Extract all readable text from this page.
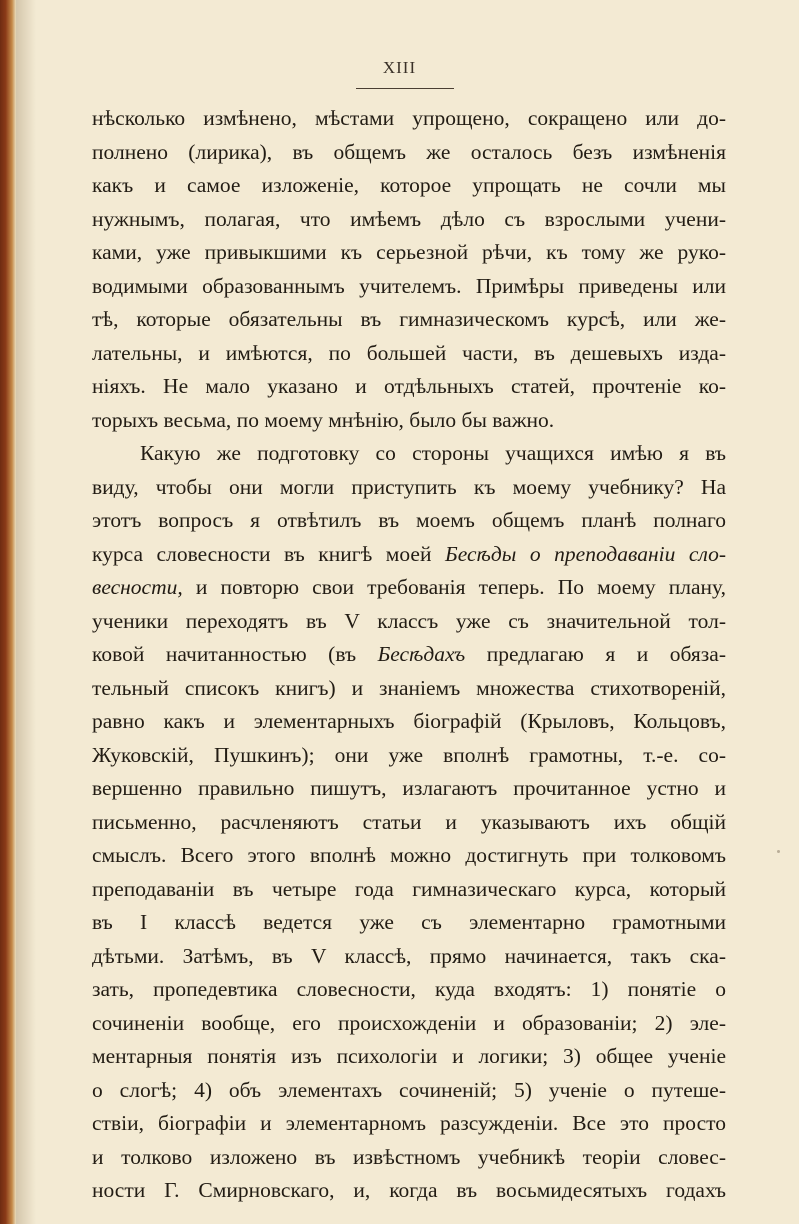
XIII
нѣсколько измѣнено, мѣстами упрощено, сокращено или до-
полнено (лирика), въ общемъ же осталось безъ измѣненія
какъ и самое изложеніе, которое упрощать не сочли мы
нужнымъ, полагая, что имѣемъ дѣло съ взрослыми учени-
ками, уже привыкшими къ серьезной рѣчи, къ тому же руко-
водимыми образованнымъ учителемъ. Примѣры приведены или
тѣ, которые обязательны въ гимназическомъ курсѣ, или же-
лательны, и имѣются, по большей части, въ дешевыхъ изда-
ніяхъ. Не мало указано и отдѣльныхъ статей, прочтеніе ко-
торыхъ весьма, по моему мнѣнію, было бы важно.
Какую же подготовку со стороны учащихся имѣю я въ
виду, чтобы они могли приступить къ моему учебнику? На
этотъ вопросъ я отвѣтилъ въ моемъ общемъ планѣ полнаго
курса словесности въ книгѣ моей Бесѣды о преподаваніи сло-
весности, и повторю свои требованія теперь. По моему плану,
ученики переходятъ въ V классъ уже съ значительной тол-
ковой начитанностью (въ Бесѣдахъ предлагаю я и обяза-
тельный списокъ книгъ) и знаніемъ множества стихотвореній,
равно какъ и элементарныхъ біографій (Крыловъ, Кольцовъ,
Жуковскій, Пушкинъ); они уже вполнѣ грамотны, т.-е. со-
вершенно правильно пишутъ, излагаютъ прочитанное устно и
письменно, расчленяютъ статьи и указываютъ ихъ общій
смыслъ. Всего этого вполнѣ можно достигнуть при толковомъ
преподаваніи въ четыре года гимназическаго курса, который
въ I классѣ ведется уже съ элементарно грамотными
дѣтьми. Затѣмъ, въ V классѣ, прямо начинается, такъ ска-
зать, пропедевтика словесности, куда входятъ: 1) понятіе о
сочиненіи вообще, его происхожденіи и образованіи; 2) эле-
ментарныя понятія изъ психологіи и логики; 3) общее ученіе
о слогѣ; 4) объ элементахъ сочиненій; 5) ученіе о путеше-
ствіи, біографіи и элементарномъ разсужденіи. Все это просто
и толково изложено въ извѣстномъ учебникѣ теоріи словес-
ности Г. Смирновскаго, и, когда въ восьмидесятыхъ годахъ
